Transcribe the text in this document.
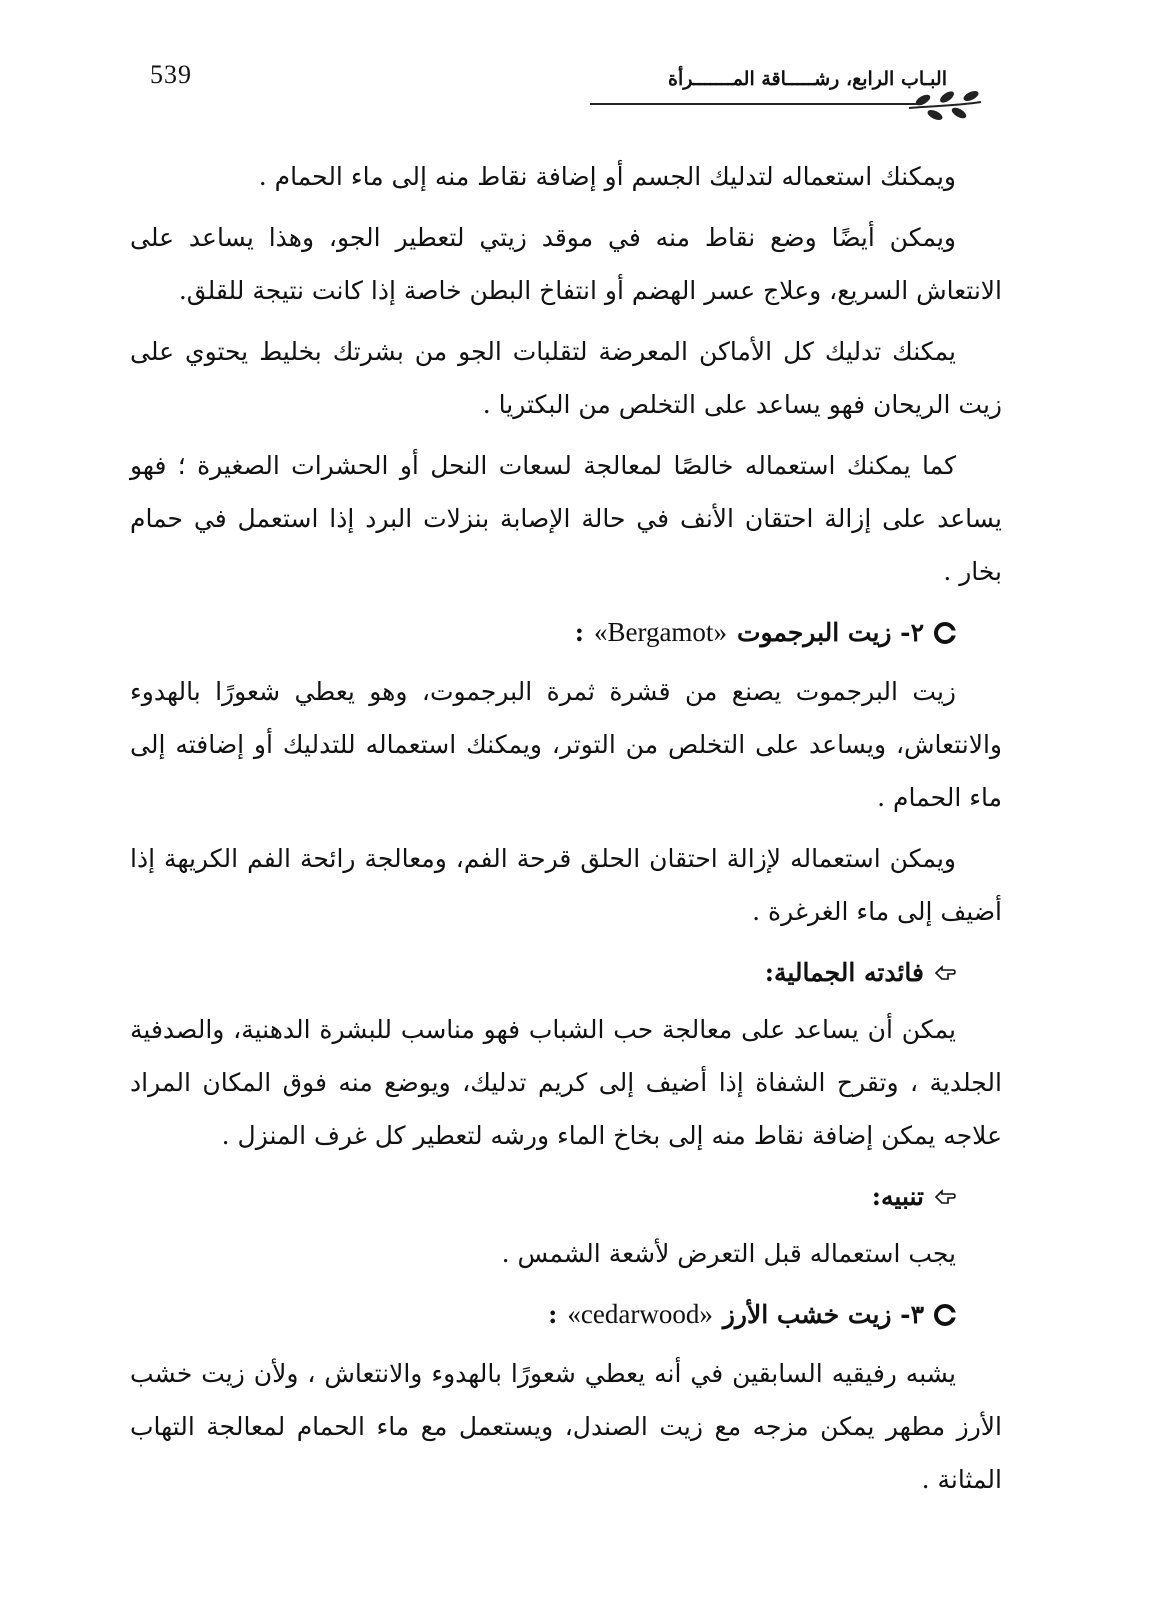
539	البـاب الرابع، رشـــــاقة المـــــــرأة

ويمكنك استعماله لتدليك الجسم أو إضافة نقاط منه إلى ماء الحمام .

ويمكن أيضًا وضع نقاط منه في موقد زيتي لتعطير الجو، وهذا يساعد على الانتعاش السريع، وعلاج عسر الهضم أو انتفاخ البطن خاصة إذا كانت نتيجة للقلق.

يمكنك تدليك كل الأماكن المعرضة لتقلبات الجو من بشرتك بخليط يحتوي على زيت الريحان فهو يساعد على التخلص من البكتريا .

كما يمكنك استعماله خالصًا لمعالجة لسعات النحل أو الحشرات الصغيرة ؛ فهو يساعد على إزالة احتقان الأنف في حالة الإصابة بنزلات البرد إذا استعمل في حمام بخار .

٢- زيت البرجموت
«Bergamot»
:

زيت البرجموت يصنع من قشرة ثمرة البرجموت، وهو يعطي شعورًا بالهدوء والانتعاش، ويساعد على التخلص من التوتر، ويمكنك استعماله للتدليك أو إضافته إلى ماء الحمام .

ويمكن استعماله لإزالة احتقان الحلق قرحة الفم، ومعالجة رائحة الفم الكريهة إذا أضيف إلى ماء الغرغرة .

فائدته الجمالية:

يمكن أن يساعد على معالجة حب الشباب فهو مناسب للبشرة الدهنية، والصدفية الجلدية ، وتقرح الشفاة إذا أضيف إلى كريم تدليك، ويوضع منه فوق المكان المراد علاجه يمكن إضافة نقاط منه إلى بخاخ الماء ورشه لتعطير كل غرف المنزل .

تنبيه:

يجب استعماله قبل التعرض لأشعة الشمس .

٣- زيت خشب الأرز
«cedarwood»
:

يشبه رفيقيه السابقين في أنه يعطي شعورًا بالهدوء والانتعاش ، ولأن زيت خشب الأرز مطهر يمكن مزجه مع زيت الصندل، ويستعمل مع ماء الحمام لمعالجة التهاب المثانة .
